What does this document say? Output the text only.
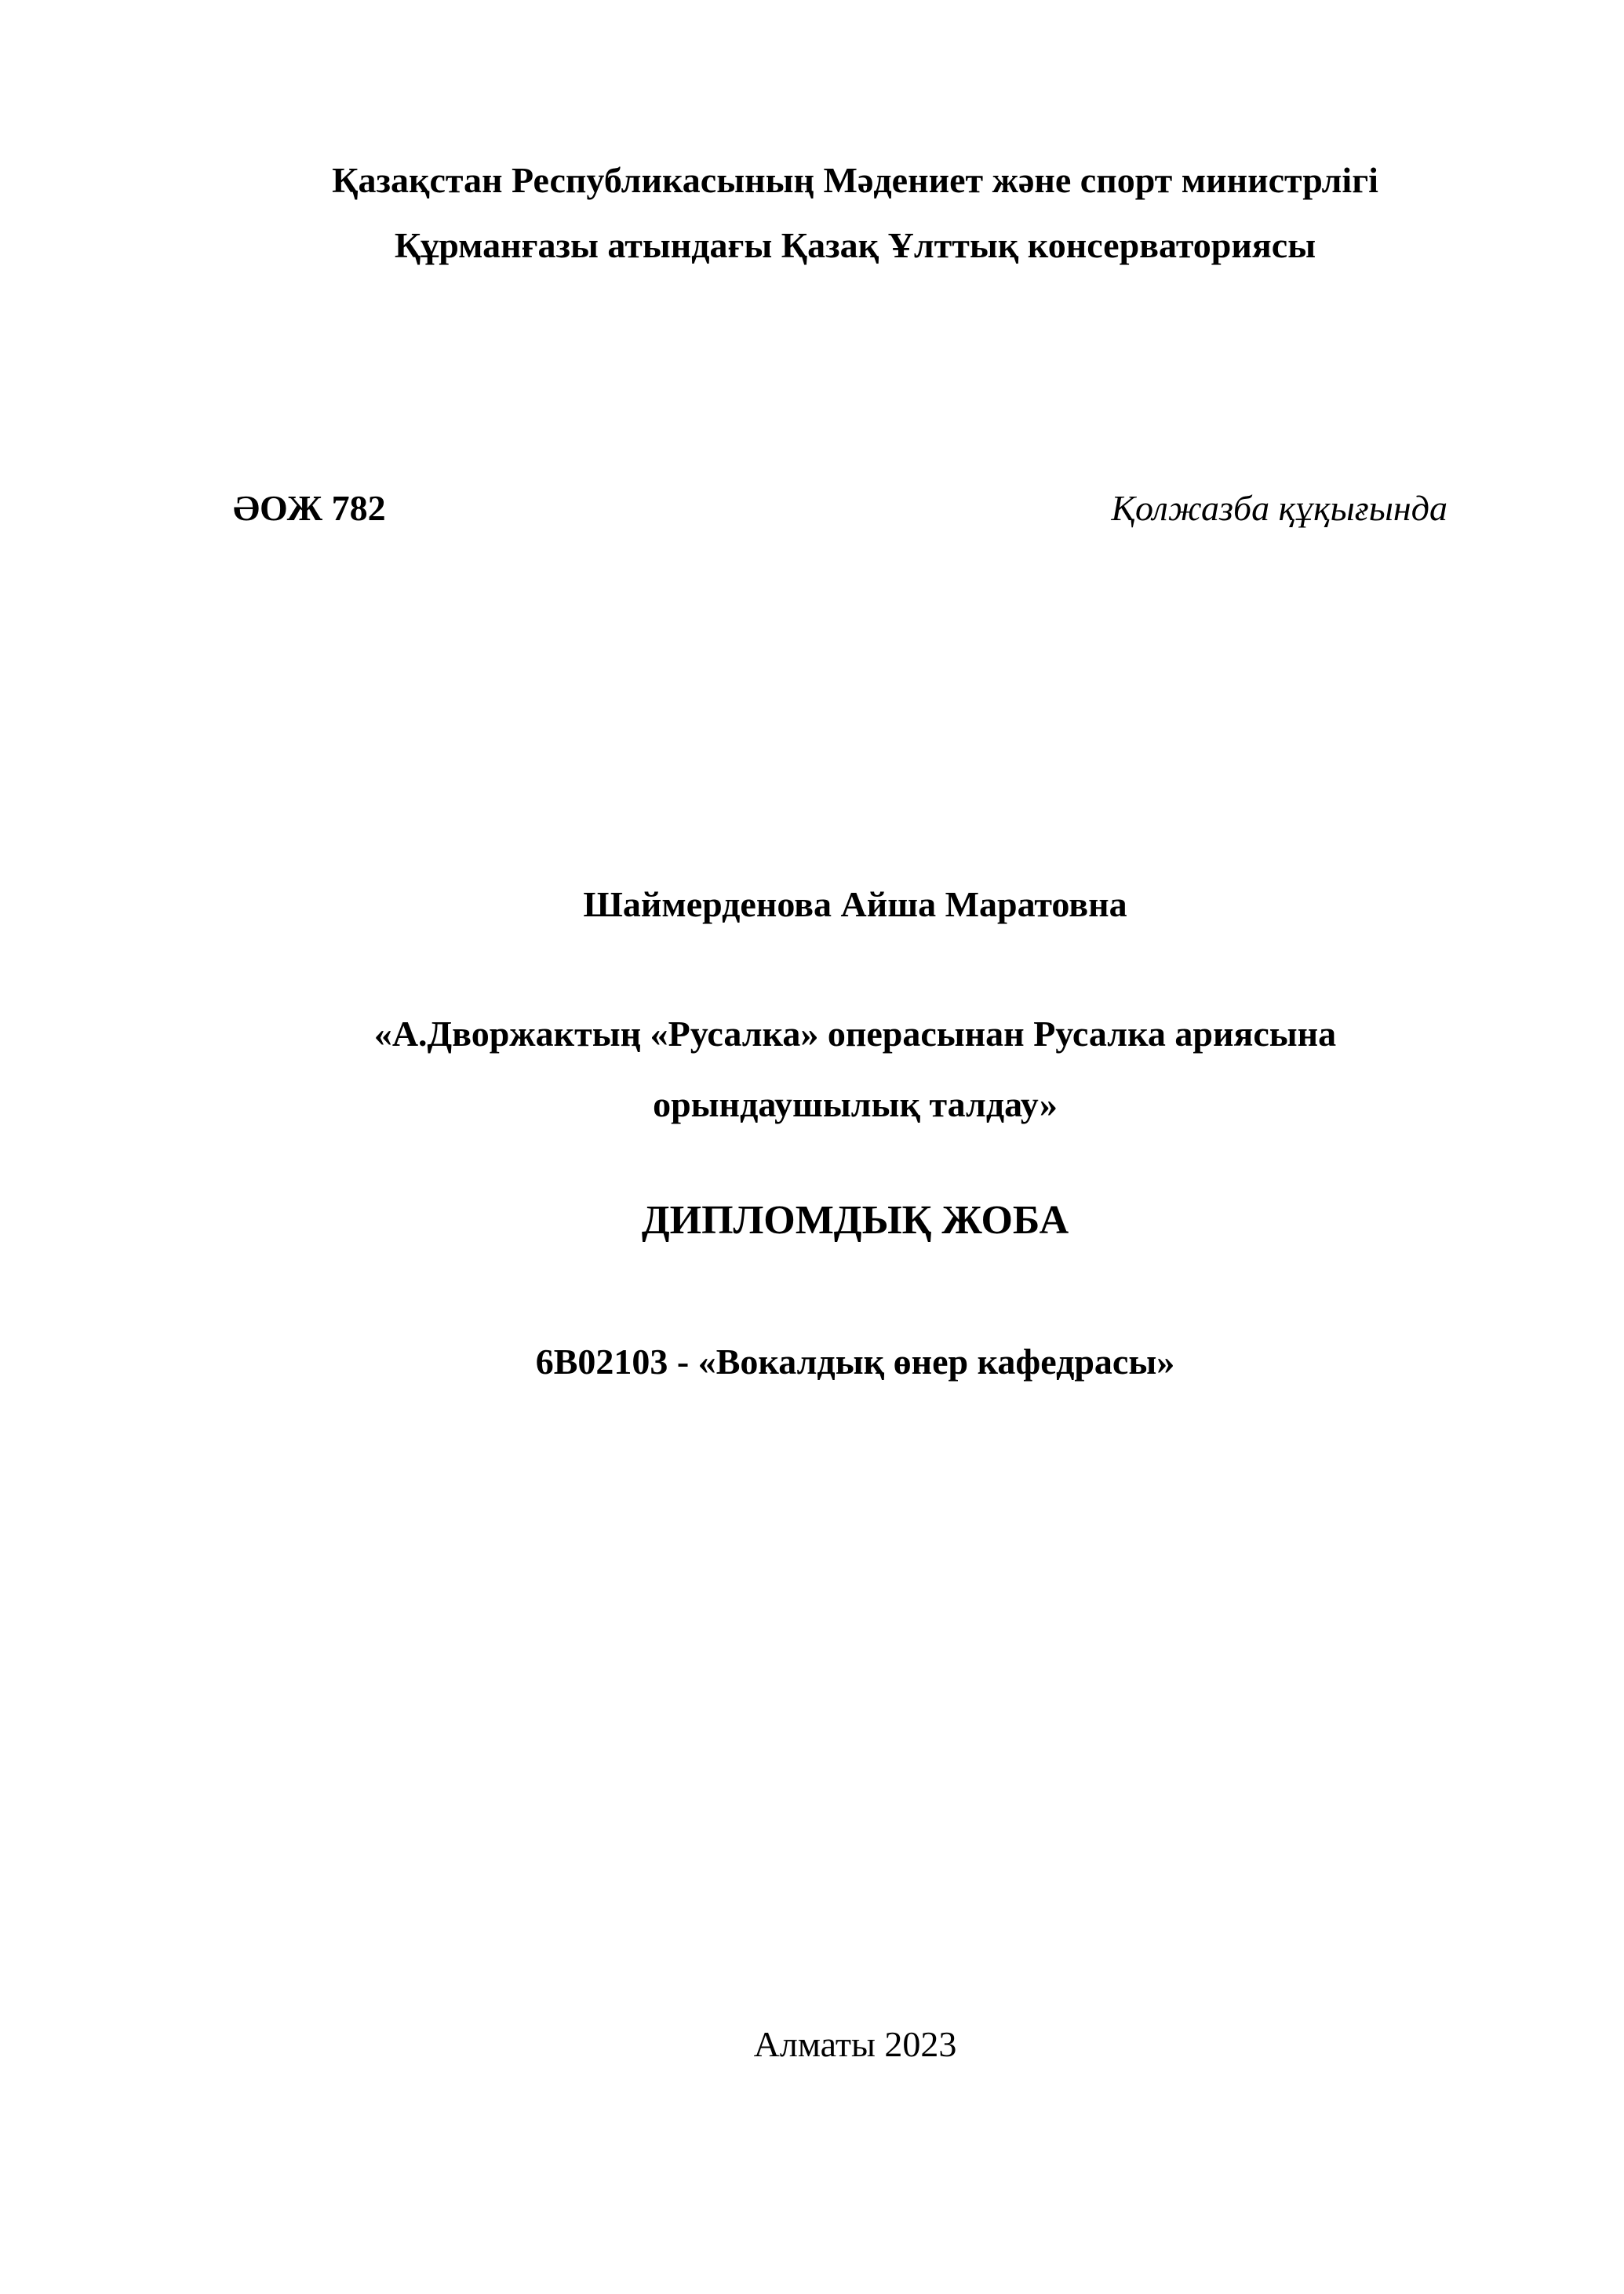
Қазақстан Республикасының Мәдениет және спорт министрлігі
Құрманғазы атындағы Қазақ Ұлттық консерваториясы
ӘОЖ 782	Қолжазба құқығында
Шаймерденова Айша Маратовна
«А.Дворжактың «Русалка» операсынан Русалка ариясына
орындаушылық талдау»
ДИПЛОМДЫҚ ЖОБА
6В02103 - «Вокалдық өнер кафедрасы»
Алматы 2023
